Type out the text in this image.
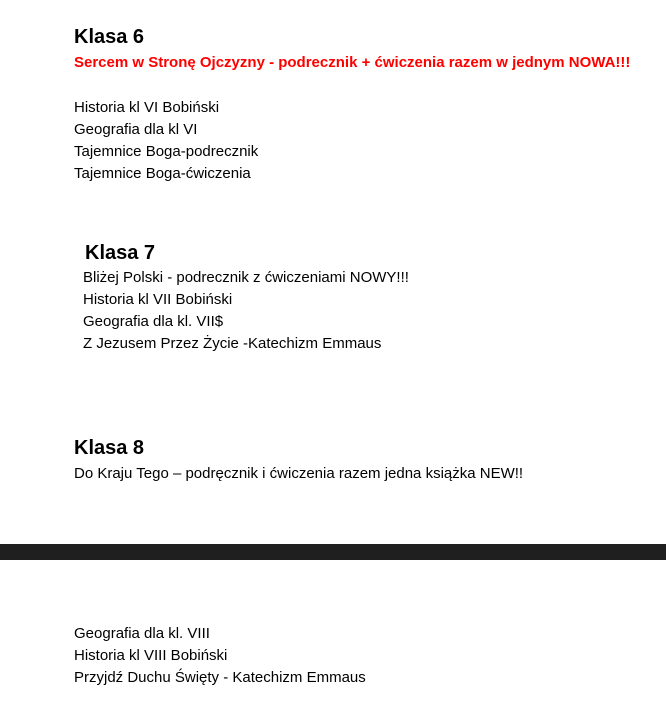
Klasa 6

Sercem w Stronę Ojczyzny - podrecznik + ćwiczenia razem w jednym NOWA!!!

Historia kl VI Bobiński
Geografia dla kl VI
Tajemnice Boga-podrecznik
Tajemnice Boga-ćwiczenia
Klasa 7
Bliżej Polski - podrecznik z ćwiczeniami NOWY!!!
Historia kl VII Bobiński
Geografia dla kl. VII$
Z Jezusem Przez Życie -Katechizm Emmaus
Klasa 8
Do Kraju Tego – podręcznik i ćwiczenia razem jedna książka NEW!!
Geografia dla kl. VIII
Historia kl VIII Bobiński
Przyjdź Duchu Święty - Katechizm Emmaus
